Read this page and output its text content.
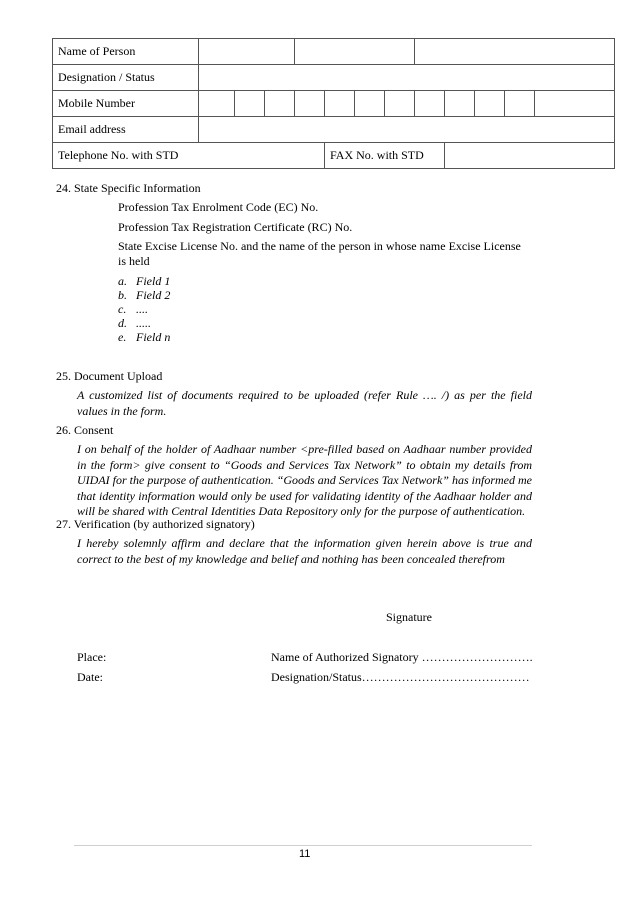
Name of Person												
Designation / Status												
Mobile Number												
Email address												
Telephone No. with STD					FAX No. with STD							
24. State Specific Information
Profession Tax Enrolment Code (EC) No.
Profession Tax Registration Certificate (RC) No.
State Excise License No. and the name of the person in whose name Excise License
is held
a. Field 1
b. Field 2
c. ....
d. .....
e. Field n
25. Document Upload
A customized list of documents required to be uploaded (refer Rule …. /) as per the field values in the form.
26. Consent
I on behalf of the holder of Aadhaar number <pre-filled based on Aadhaar number provided in the form> give consent to “Goods and Services Tax Network” to obtain my details from UIDAI for the purpose of authentication. “Goods and Services Tax Network” has informed me that identity information would only be used for validating identity of the Aadhaar holder and will be shared with Central Identities Data Repository only for the purpose of authentication.
27. Verification (by authorized signatory)
I hereby solemnly affirm and declare that the information given herein above is true and correct to the best of my knowledge and belief and nothing has been concealed therefrom
Signature
Place:	Name of Authorized Signatory ……………………….
Date:	Designation/Status……………………………………
11
